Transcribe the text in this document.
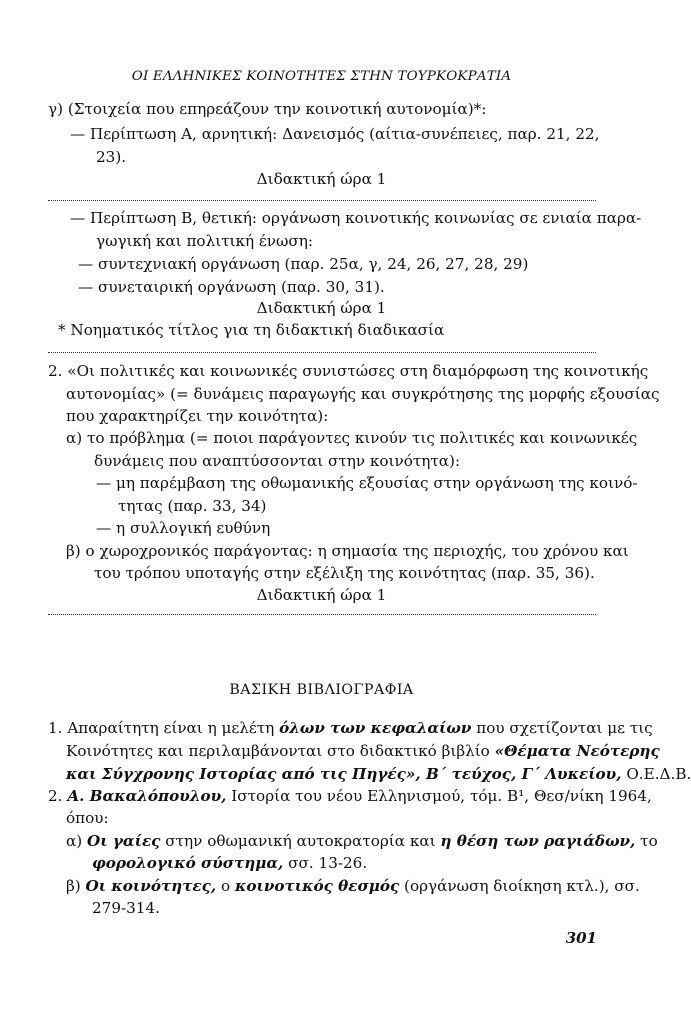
ΟΙ ΕΛΛΗΝΙΚΕΣ ΚΟΙΝΟΤΗΤΕΣ ΣΤΗΝ ΤΟΥΡΚΟΚΡΑΤΙΑ
γ) (Στοιχεία που επηρεάζουν την κοινοτική αυτονομία)*:
— Περίπτωση Α, αρνητική: Δανεισμός (αίτια-συνέπειες, παρ. 21, 22,
23).
Διδακτική ώρα 1
— Περίπτωση Β, θετική: οργάνωση κοινοτικής κοινωνίας σε ενιαία παρα-
γωγική και πολιτική ένωση:
— συντεχνιακή οργάνωση (παρ. 25α, γ, 24, 26, 27, 28, 29)
— συνεταιρική οργάνωση (παρ. 30, 31).
Διδακτική ώρα 1
* Νοηματικός τίτλος για τη διδακτική διαδικασία
2. «Οι πολιτικές και κοινωνικές συνιστώσες στη διαμόρφωση της κοινοτικής
αυτονομίας» (= δυνάμεις παραγωγής και συγκρότησης της μορφής εξουσίας
που χαρακτηρίζει την κοινότητα):
α) το πρόβλημα (= ποιοι παράγοντες κινούν τις πολιτικές και κοινωνικές
δυνάμεις που αναπτύσσονται στην κοινότητα):
— μη παρέμβαση της οθωμανικής εξουσίας στην οργάνωση της κοινό-
τητας (παρ. 33, 34)
— η συλλογική ευθύνη
β) ο χωροχρονικός παράγοντας: η σημασία της περιοχής, του χρόνου και
του τρόπου υποταγής στην εξέλιξη της κοινότητας (παρ. 35, 36).
Διδακτική ώρα 1
ΒΑΣΙΚΗ ΒΙΒΛΙΟΓΡΑΦΙΑ
1. Απαραίτητη είναι η μελέτη όλων των κεφαλαίων που σχετίζονται με τις
Κοινότητες και περιλαμβάνονται στο διδακτικό βιβλίο «Θέματα Νεότερης
και Σύγχρονης Ιστορίας από τις Πηγές», Β΄ τεύχος, Γ΄ Λυκείου, Ο.Ε.Δ.Β.
2. Α. Βακαλόπουλου, Ιστορία του νέου Ελληνισμού, τόμ. Β¹, Θεσ/νίκη 1964,
όπου:
α) Οι γαίες στην οθωμανική αυτοκρατορία και η θέση των ραγιάδων, το
φορολογικό σύστημα, σσ. 13-26.
β) Οι κοινότητες, ο κοινοτικός θεσμός (οργάνωση διοίκηση κτλ.), σσ.
279-314.
301
